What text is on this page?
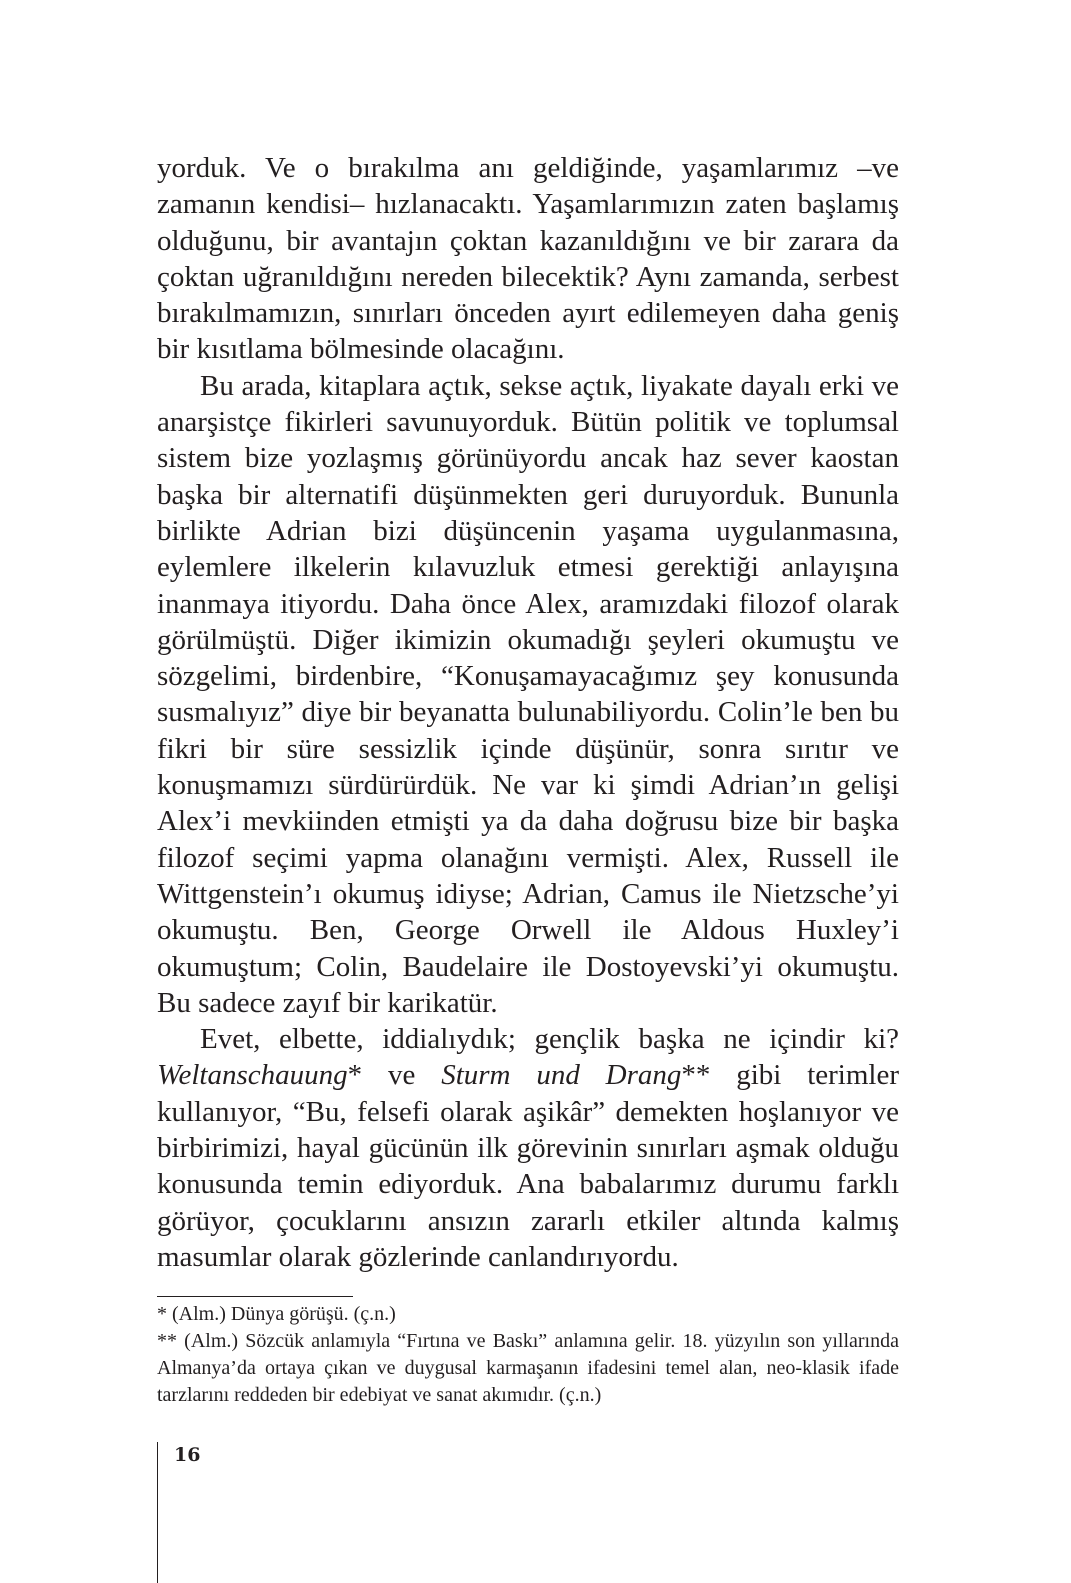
yorduk. Ve o bırakılma anı geldiğinde, yaşamlarımız –ve zamanın kendisi– hızlanacaktı. Yaşamlarımızın zaten başlamış olduğunu, bir avantajın çoktan kazanıldığını ve bir zarara da çoktan uğranıldığını nereden bilecektik? Aynı zamanda, serbest bırakılmamızın, sınırları önceden ayırt edilemeyen daha geniş bir kısıtlama bölmesinde olacağını.

Bu arada, kitaplara açtık, sekse açtık, liyakate dayalı erki ve anarşistçe fikirleri savunuyorduk. Bütün politik ve toplumsal sistem bize yozlaşmış görünüyordu ancak haz sever kaostan başka bir alternatifi düşünmekten geri duruyorduk. Bununla birlikte Adrian bizi düşüncenin yaşama uygulanmasına, eylemlere ilkelerin kılavuzluk etmesi gerektiği anlayışına inanmaya itiyordu. Daha önce Alex, aramızdaki filozof olarak görülmüştü. Diğer ikimizin okumadığı şeyleri okumuştu ve sözgelimi, birdenbire, “Konuşamayacağımız şey konusunda susmalıyız” diye bir beyanatta bulunabiliyordu. Colin’le ben bu fikri bir süre sessizlik içinde düşünür, sonra sırıtır ve konuşmamızı sürdürürdük. Ne var ki şimdi Adrian’ın gelişi Alex’i mevkiinden etmişti ya da daha doğrusu bize bir başka filozof seçimi yapma olanağını vermişti. Alex, Russell ile Wittgenstein’ı okumuş idiyse; Adrian, Camus ile Nietzsche’yi okumuştu. Ben, George Orwell ile Aldous Huxley’i okumuştum; Colin, Baudelaire ile Dostoyevski’yi okumuştu. Bu sadece zayıf bir karikatür.

Evet, elbette, iddialıydık; gençlik başka ne içindir ki? Weltanschauung* ve Sturm und Drang** gibi terimler kullanıyor, “Bu, felsefi olarak aşikâr” demekten hoşlanıyor ve birbirimizi, hayal gücünün ilk görevinin sınırları aşmak olduğu konusunda temin ediyorduk. Ana babalarımız durumu farklı görüyor, çocuklarını ansızın zararlı etkiler altında kalmış masumlar olarak gözlerinde canlandırıyordu.

* (Alm.) Dünya görüşü. (ç.n.)

** (Alm.) Sözcük anlamıyla “Fırtına ve Baskı” anlamına gelir. 18. yüzyılın son yıllarında Almanya’da ortaya çıkan ve duygusal karmaşanın ifadesini temel alan, neo-klasik ifade tarzlarını reddeden bir edebiyat ve sanat akımıdır. (ç.n.)

16
